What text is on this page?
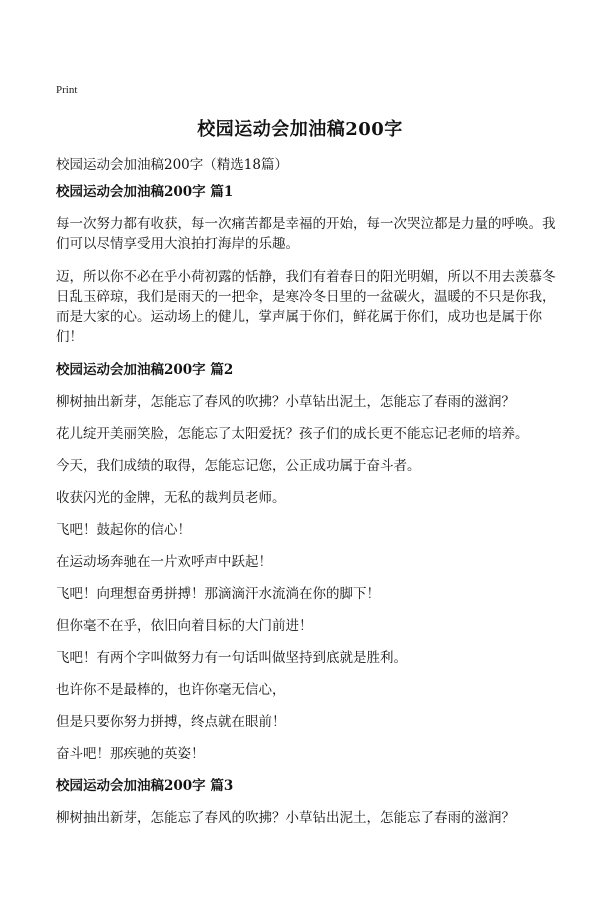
Print
校园运动会加油稿200字
校园运动会加油稿200字（精选18篇）
校园运动会加油稿200字 篇1

每一次努力都有收获，每一次痛苦都是幸福的开始，每一次哭泣都是力量的呼唤。我们可以尽情享受用大浪拍打海岸的乐趣。

迈，所以你不必在乎小荷初露的恬静，我们有着春日的阳光明媚，所以不用去羡慕冬日乱玉碎琼，我们是雨天的一把伞，是寒冷冬日里的一盆碳火，温暖的不只是你我，而是大家的心。运动场上的健儿，掌声属于你们，鲜花属于你们，成功也是属于你们！

校园运动会加油稿200字 篇2

柳树抽出新芽，怎能忘了春风的吹拂？小草钻出泥土，怎能忘了春雨的滋润？

花儿绽开美丽笑脸，怎能忘了太阳爱抚？孩子们的成长更不能忘记老师的培养。

今天，我们成绩的取得，怎能忘记您，公正成功属于奋斗者。

收获闪光的金牌，无私的裁判员老师。

飞吧！鼓起你的信心！

在运动场奔驰在一片欢呼声中跃起！

飞吧！向理想奋勇拼搏！那滴滴汗水流淌在你的脚下！

但你毫不在乎，依旧向着目标的大门前进！

飞吧！有两个字叫做努力有一句话叫做坚持到底就是胜利。

也许你不是最棒的，也许你毫无信心，

但是只要你努力拼搏，终点就在眼前！

奋斗吧！那疾驰的英姿！

校园运动会加油稿200字 篇3

柳树抽出新芽，怎能忘了春风的吹拂？小草钻出泥土，怎能忘了春雨的滋润？
